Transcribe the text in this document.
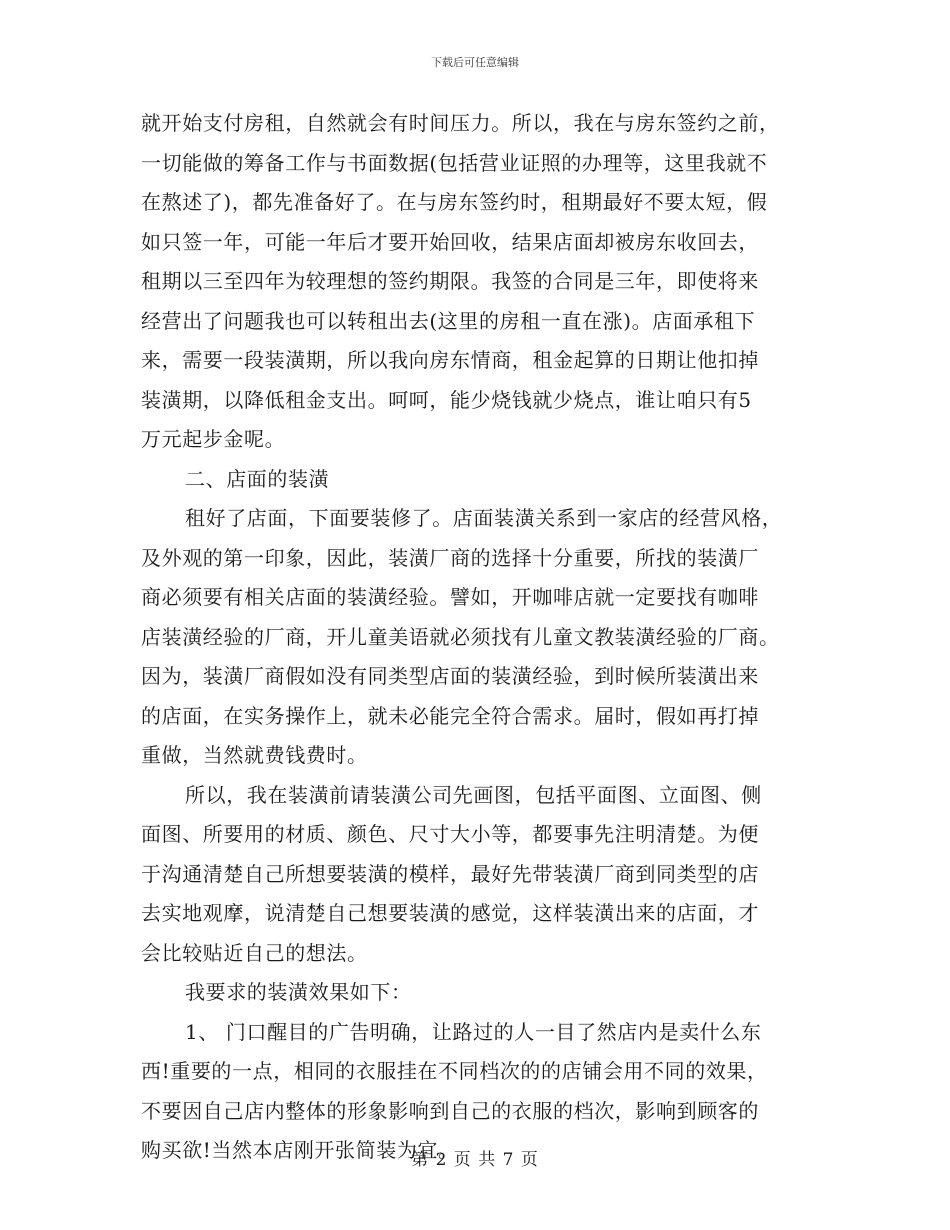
下载后可任意编辑
就开始支付房租，自然就会有时间压力。所以，我在与房东签约之前，
一切能做的筹备工作与书面数据(包括营业证照的办理等，这里我就不
在熬述了)，都先准备好了。在与房东签约时，租期最好不要太短，假
如只签一年，可能一年后才要开始回收，结果店面却被房东收回去，
租期以三至四年为较理想的签约期限。我签的合同是三年，即使将来
经营出了问题我也可以转租出去(这里的房租一直在涨)。店面承租下
来，需要一段装潢期，所以我向房东情商，租金起算的日期让他扣掉
装潢期，以降低租金支出。呵呵，能少烧钱就少烧点，谁让咱只有5
万元起步金呢。
二、店面的装潢
租好了店面，下面要装修了。店面装潢关系到一家店的经营风格，
及外观的第一印象，因此，装潢厂商的选择十分重要，所找的装潢厂
商必须要有相关店面的装潢经验。譬如，开咖啡店就一定要找有咖啡
店装潢经验的厂商，开儿童美语就必须找有儿童文教装潢经验的厂商。
因为，装潢厂商假如没有同类型店面的装潢经验，到时候所装潢出来
的店面，在实务操作上，就未必能完全符合需求。届时，假如再打掉
重做，当然就费钱费时。
所以，我在装潢前请装潢公司先画图，包括平面图、立面图、侧
面图、所要用的材质、颜色、尺寸大小等，都要事先注明清楚。为便
于沟通清楚自己所想要装潢的模样，最好先带装潢厂商到同类型的店
去实地观摩，说清楚自己想要装潢的感觉，这样装潢出来的店面，才
会比较贴近自己的想法。
我要求的装潢效果如下：
1、 门口醒目的广告明确，让路过的人一目了然店内是卖什么东
西!重要的一点，相同的衣服挂在不同档次的的店铺会用不同的效果，
不要因自己店内整体的形象影响到自己的衣服的档次，影响到顾客的
购买欲!当然本店刚开张简装为宜。
第 2 页 共 7 页
